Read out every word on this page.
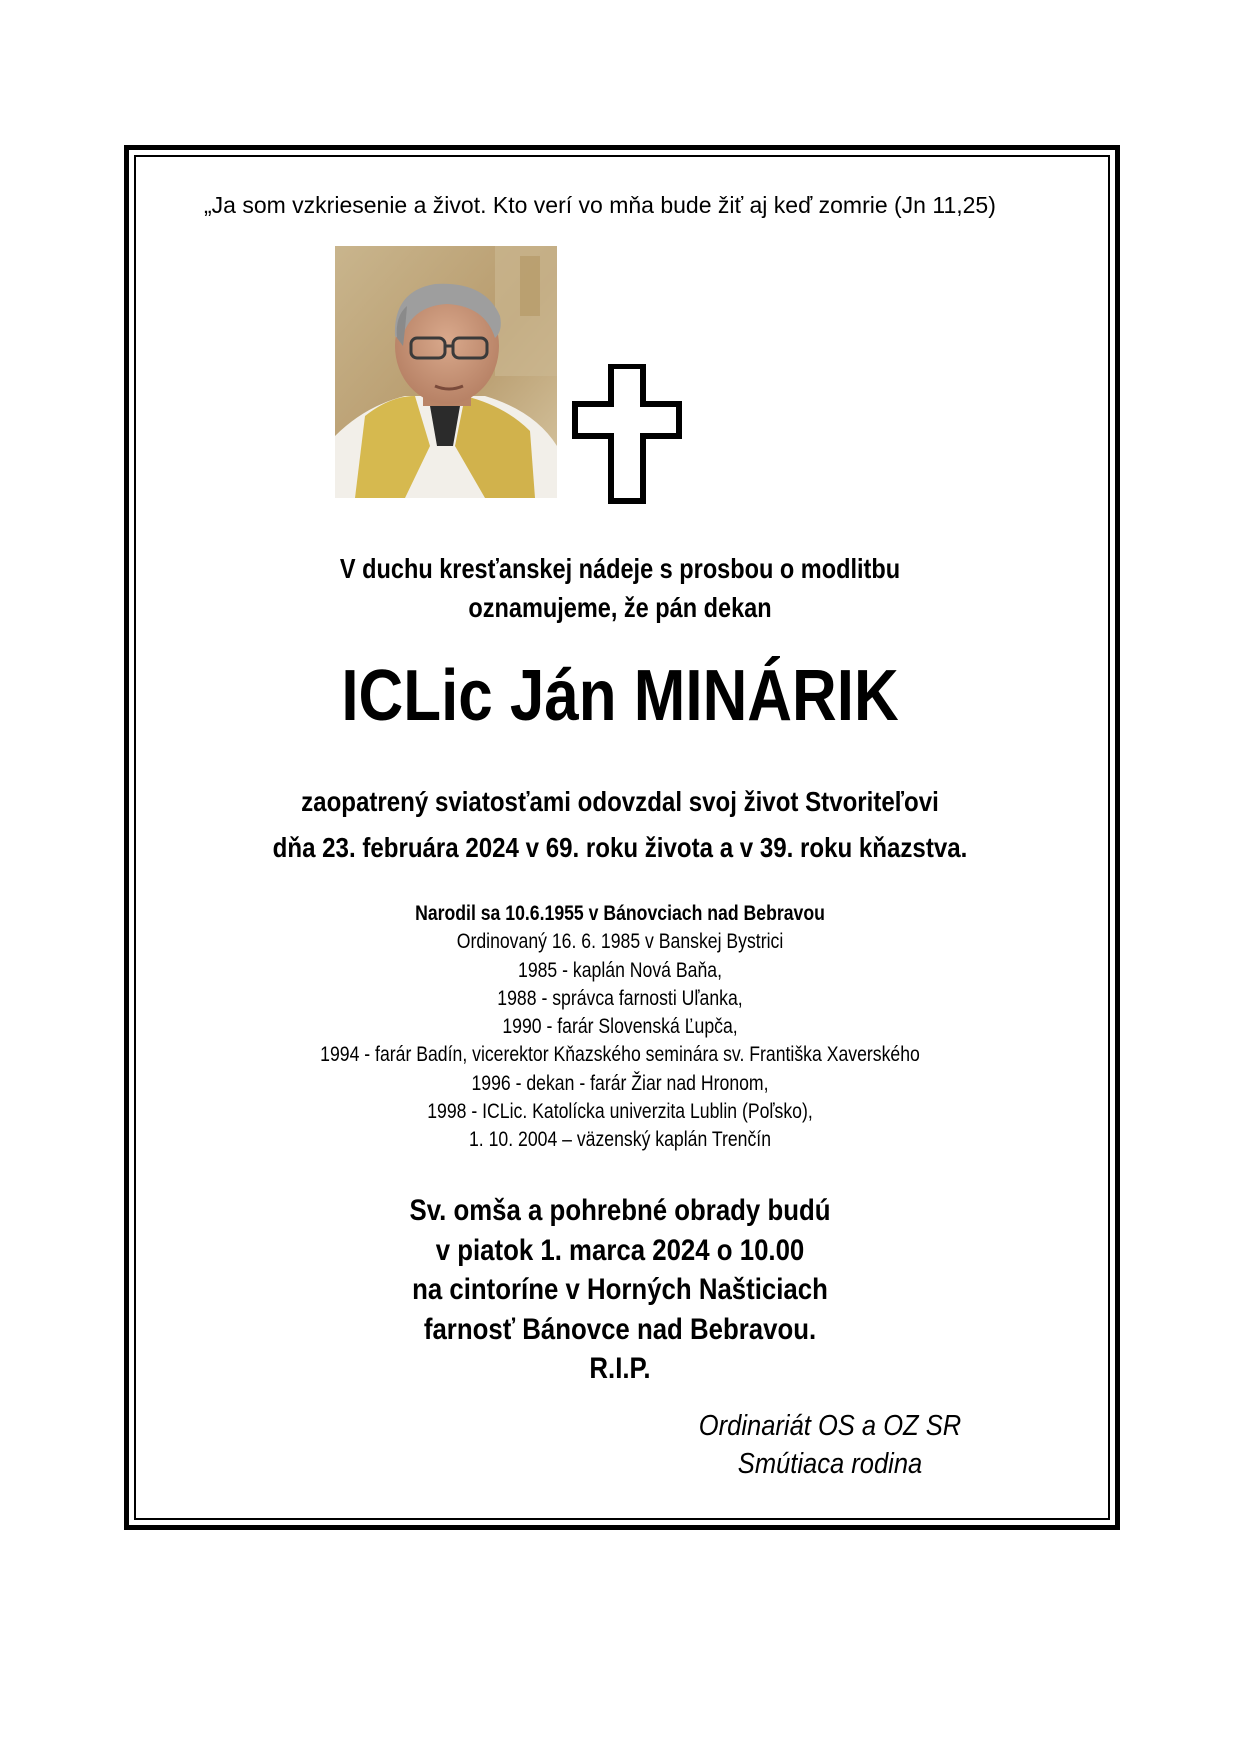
„Ja som vzkriesenie a život. Kto verí vo mňa bude žiť aj keď zomrie (Jn 11,25)
V duchu kresťanskej nádeje s prosbou o modlitbu
oznamujeme, že pán dekan
ICLic Ján MINÁRIK
zaopatrený sviatosťami odovzdal svoj život Stvoriteľovi
dňa 23. februára 2024 v 69. roku života a v 39. roku kňazstva.
Narodil sa 10.6.1955 v Bánovciach nad Bebravou
Ordinovaný 16. 6. 1985 v Banskej Bystrici
1985 - kaplán Nová Baňa,
1988 - správca farnosti Uľanka,
1990 - farár Slovenská Ľupča,
1994 - farár Badín, vicerektor Kňazského seminára sv. Františka Xaverského
1996 - dekan - farár Žiar nad Hronom,
1998 - ICLic. Katolícka univerzita Lublin (Poľsko),
1. 10. 2004 – väzenský kaplán Trenčín
Sv. omša a pohrebné obrady budú
v piatok 1. marca 2024 o 10.00
na cintoríne v Horných Našticiach
farnosť Bánovce nad Bebravou.
R.I.P.
Ordinariát OS a OZ SR
Smútiaca rodina
